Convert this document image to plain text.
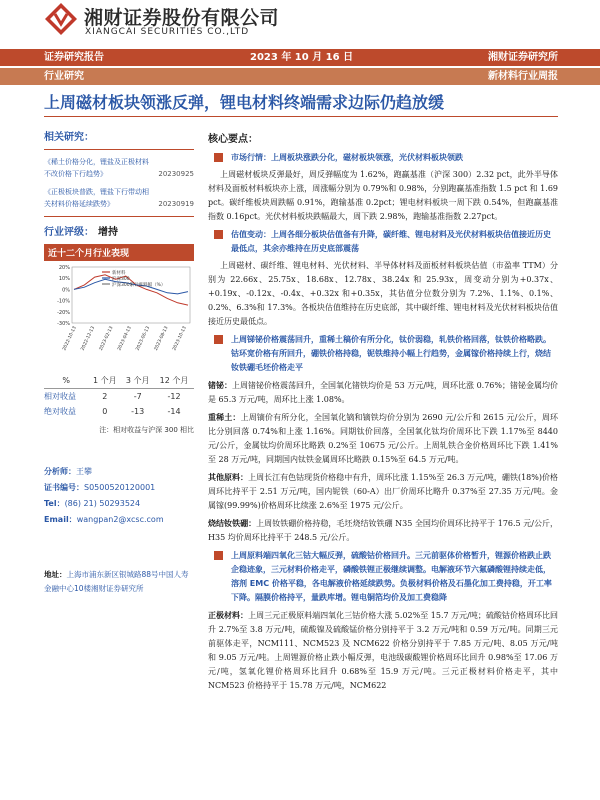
湘财证券股份有限公司
XIANGCAI SECURITIES CO.,LTD
证券研究报告	2023 年 10 月 16 日	湘财证券研究所
行业研究	新材料行业周报
上周磁材板块领涨反弹，锂电材料终端需求边际仍趋放缓
相关研究：
《稀土价格分化，锂盐及正极材料不改价格下行趋势》	20230925
《正极板块普跌，锂盐下行带动相关材料价格延续跌势》	20230919
行业评级： 增持
近十二个月行业表现
20%
10%
0%
-10%
-20%
-30%
2022-10-13 2022-12-13 2023-02-13 2023-04-13 2023-06-13 2023-08-13 2023-10-13
新材料
沪深300
沪深300累计涨跌幅（%）
%	1 个月	3 个月	12 个月
相对收益	2	-7	-12
绝对收益	0	-13	-14
注：相对收益与沪深 300 相比
分析师：王攀
证书编号：S0500520120001
Tel：(86) 21) 50293524
Email：wangpan2@xcsc.com
地址：上海市浦东新区银城路88号中国人寿金融中心10楼湘财证券研究所
核心要点：
市场行情：上周板块涨跌分化，磁材板块领涨，光伏材料板块领跌
上周磁材板块反弹最好，周反弹幅度为 1.62%，跑赢基准（沪深 300）2.32 pct，此外半导体材料及面板材料板块亦上涨，周涨幅分别为 0.79%和 0.98%，分别跑赢基准指数 1.5 pct 和 1.69 pct。碳纤维板块周跌幅 0.91%，跑输基准 0.2pct；锂电材料板块一周下跌 0.54%，但跑赢基准指数 0.16pct。光伏材料板块跌幅最大，周下跌 2.98%，跑输基准指数 2.27pct。
估值变动：上周各细分板块估值备有升降，碳纤维、锂电材料及光伏材料板块估值接近历史最低点，其余亦维持在历史底部震荡
上周磁材、碳纤维、锂电材料、光伏材料、半导体材料及面板材料板块估值（市盈率 TTM）分别为 22.66x、25.75x、18.68x、12.78x、38.24x 和 25.93x，周变动分别为+0.37x、+0.19x、-0.12x、-0.4x、+0.32x 和+0.35x，其估值分位数分别为 7.2%、1.1%、0.1%、0.2%、6.3%和 17.3%。各板块估值维持在历史底部，其中碳纤维、锂电材料及光伏材料板块估值接近历史最低点。
上周锑铋价格震荡回升，重稀土稿价有所分化，钛价弱稳，轧铁价格回落，钛铁价格略跌。钴环宽价格有所回升，硼铁价格持稳，铌铁维持小幅上行趋势，金属镓价格持续上行，烧结钕铁硼毛坯价格走平
锗铋：上周锗铋价格震荡回升，全国氧化锗铁均价是 53 万元/吨，周环比涨 0.76%；锗铋金属均价是 65.3 万元/吨，周环比上涨 1.08%。
重稀土：上周镝价有所分化，全国氧化镝和镝铁均价分别为 2690 元/公斤和 2615 元/公斤，周环比分别回落 0.74%和上涨 1.16%。同期钛价回落，全国氧化钛均价周环比下跌 1.17%至 8440 元/公斤，金属钛均价周环比略跌 0.2%至 10675 元/公斤。上周轧铁合金价格周环比下跌 1.41%至 28 万元/吨，同期国内钛铁金属周环比略跌 0.15%至 64.5 万元/吨。
其他原料：上周长江有色钴现货价格稳中有升，周环比涨 1.15%至 26.3 万元/吨，硼铁(18%)价格周环比持平于 2.51 万元/吨，国内铌铁（60-A）出厂价周环比略升 0.37%至 27.35 万元/吨。金属镓(99.99%)价格周环比续涨 2.6%至 1975 元/公斤。
烧结钕铁硼：上周钕铁硼价格持稳，毛坯烧结钕铁硼 N35 全国均价周环比持平于 176.5 元/公斤，H35 均价周环比持平于 248.5 元/公斤。
上周原料端四氧化三钴大幅反弹，硫酸钴价格回升。三元前驱体价格暂升，锂源价格跌止跌企稳迹象，三元材料价格走平，磷酸铁锂正极继续调整。电解液环节六氟磷酸锂持续走低，溶剂 EMC 价格平稳，各电解液价格延续跌势。负极材料价格及石墨化加工费持稳，开工率下降。隔膜价格持平，量跌库增。锂电铜箔均价及加工费稳降
正极材料：上周三元正极原料端四氧化三钴价格大涨 5.02%至 15.7 万元/吨；硫酸钴价格周环比回升 2.7%至 3.8 万元/吨，硫酸镍及硫酸锰价格分别持平于 3.2 万元/吨和 0.59 万元/吨。同期三元前驱体走平，NCM111、NCM523 及 NCM622 价格分别持平于 7.85 万元/吨、8.05 万元/吨和 9.05 万元/吨。上周锂源价格止跌小幅反弹，电池级碳酸锂价格周环比回升 0.98%至 17.06 万元/吨，氢氧化锂价格周环比回升 0.68%至 15.9 万元/吨。三元正极材料价格走平，其中 NCM523 价格持平于 15.78 万元/吨，NCM622
